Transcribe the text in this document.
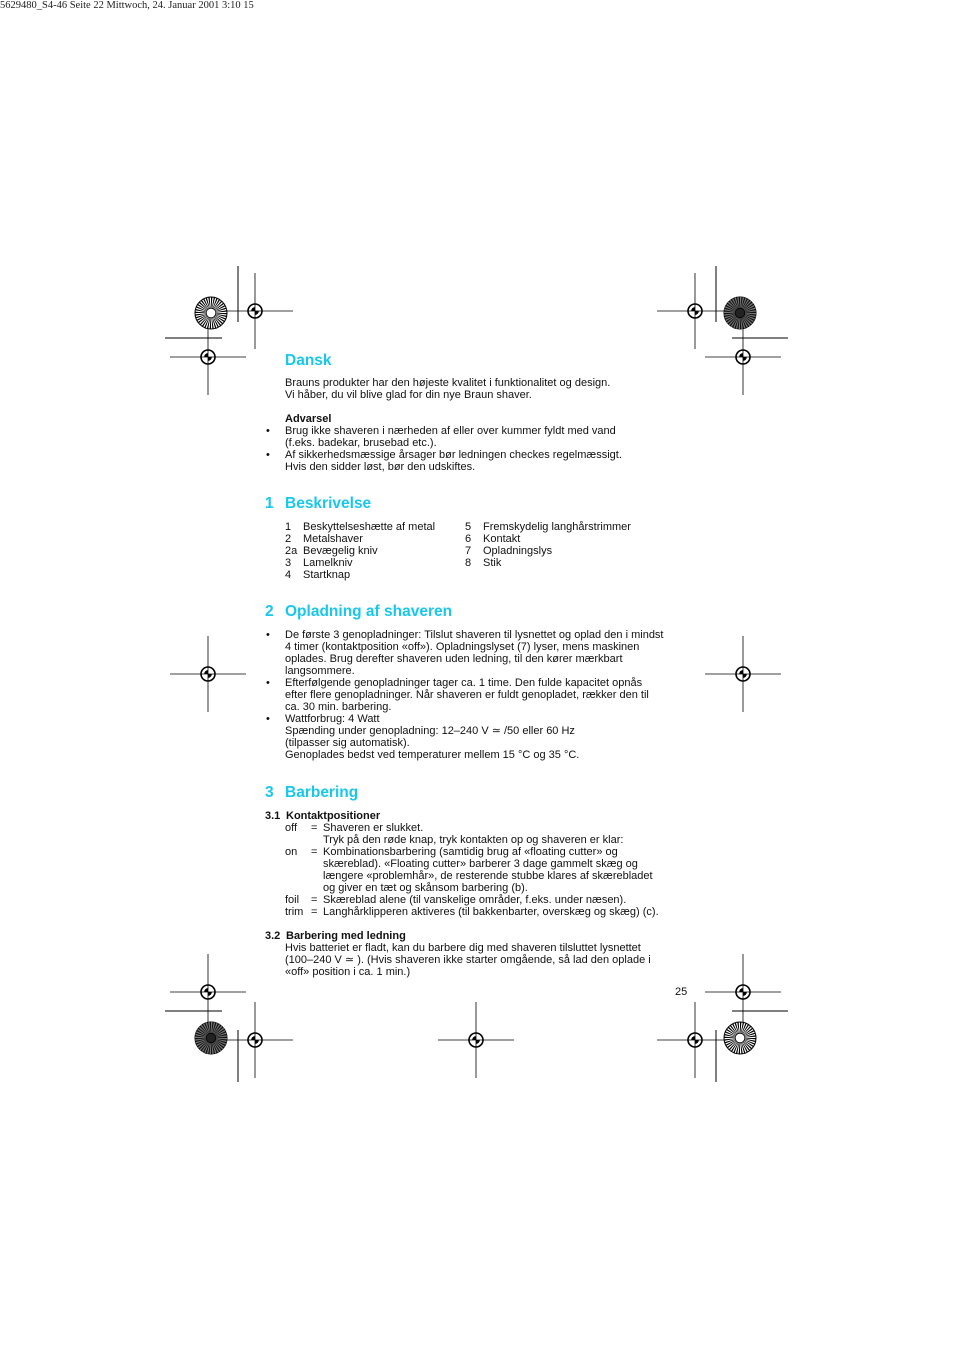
5629480_S4-46 Seite 22 Mittwoch, 24. Januar 2001 3:10 15
Dansk
Brauns produkter har den højeste kvalitet i funktionalitet og design.
Vi håber, du vil blive glad for din nye Braun shaver.
Advarsel
• Brug ikke shaveren i nærheden af eller over kummer fyldt med vand
(f.eks. badekar, brusebad etc.).
• Af sikkerhedsmæssige årsager bør ledningen checkes regelmæssigt.
Hvis den sidder løst, bør den udskiftes.
1 Beskrivelse
1 Beskyttelseshætte af metal
2 Metalshaver
2a Bevægelig kniv
3 Lamelkniv
4 Startknap
5 Fremskydelig langhårstrimmer
6 Kontakt
7 Opladningslys
8 Stik
2 Opladning af shaveren
• De første 3 genopladninger: Tilslut shaveren til lysnettet og oplad den i mindst
4 timer (kontaktposition «off»). Opladningslyset (7) lyser, mens maskinen
oplades. Brug derefter shaveren uden ledning, til den kører mærkbart
langsommere.
• Efterfølgende genopladninger tager ca. 1 time. Den fulde kapacitet opnås
efter flere genopladninger. Når shaveren er fuldt genopladet, rækker den til
ca. 30 min. barbering.
• Wattforbrug: 4 Watt
Spænding under genopladning: 12–240 V ≃ /50 eller 60 Hz
(tilpasser sig automatisk).
Genoplades bedst ved temperaturer mellem 15 °C og 35 °C.
3 Barbering
3.1 Kontaktpositioner
off = Shaveren er slukket.
Tryk på den røde knap, tryk kontakten op og shaveren er klar:
on = Kombinationsbarbering (samtidig brug af «floating cutter» og
skæreblad). «Floating cutter» barberer 3 dage gammelt skæg og
længere «problemhår», de resterende stubbe klares af skærebladet
og giver en tæt og skånsom barbering (b).
foil = Skæreblad alene (til vanskelige områder, f.eks. under næsen).
trim = Langhårklipperen aktiveres (til bakkenbarter, overskæg og skæg) (c).
3.2 Barbering med ledning
Hvis batteriet er fladt, kan du barbere dig med shaveren tilsluttet lysnettet
(100–240 V ≃ ). (Hvis shaveren ikke starter omgående, så lad den oplade i
«off» position i ca. 1 min.)
25
